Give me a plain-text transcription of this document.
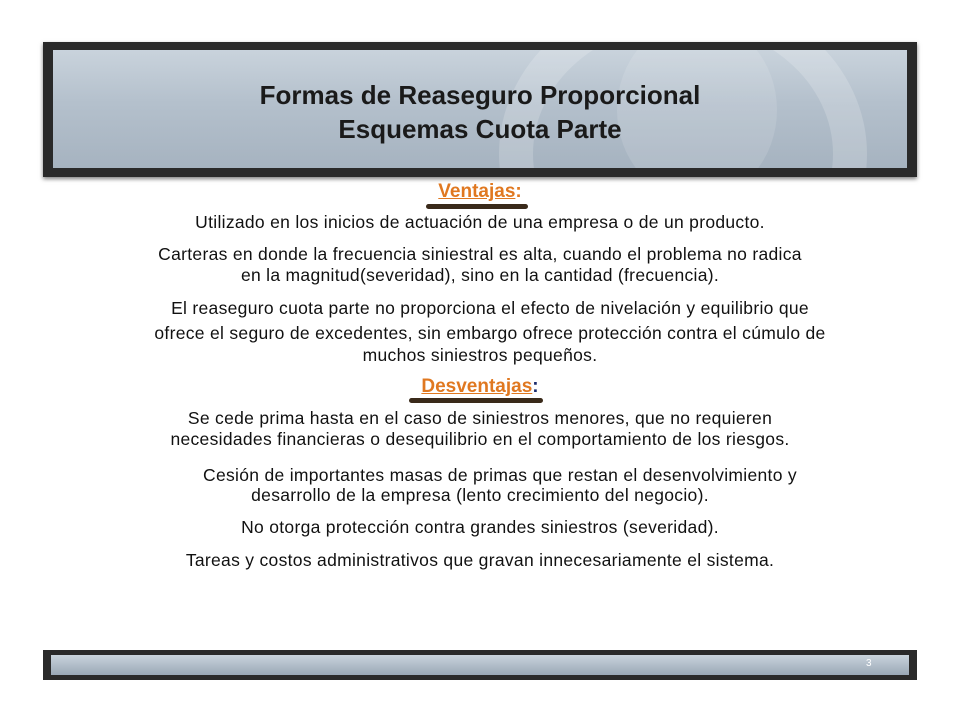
Formas de Reaseguro Proporcional
Esquemas Cuota Parte
Ventajas:
Utilizado en los inicios de actuación de una empresa o de un producto.
Carteras en donde la frecuencia siniestral es alta, cuando el problema no radica
en la magnitud(severidad), sino en la cantidad (frecuencia).
El reaseguro cuota parte no proporciona el efecto de nivelación y equilibrio que
ofrece el seguro de excedentes, sin embargo ofrece protección contra el cúmulo de
muchos siniestros pequeños.
Desventajas:
Se cede prima hasta en el caso de siniestros menores, que no requieren
necesidades financieras o desequilibrio en el comportamiento de los riesgos.
Cesión de importantes masas de primas que restan el desenvolvimiento y
desarrollo de la empresa (lento crecimiento del negocio).
No otorga protección contra grandes siniestros (severidad).
Tareas y costos administrativos que gravan innecesariamente el sistema.
3
